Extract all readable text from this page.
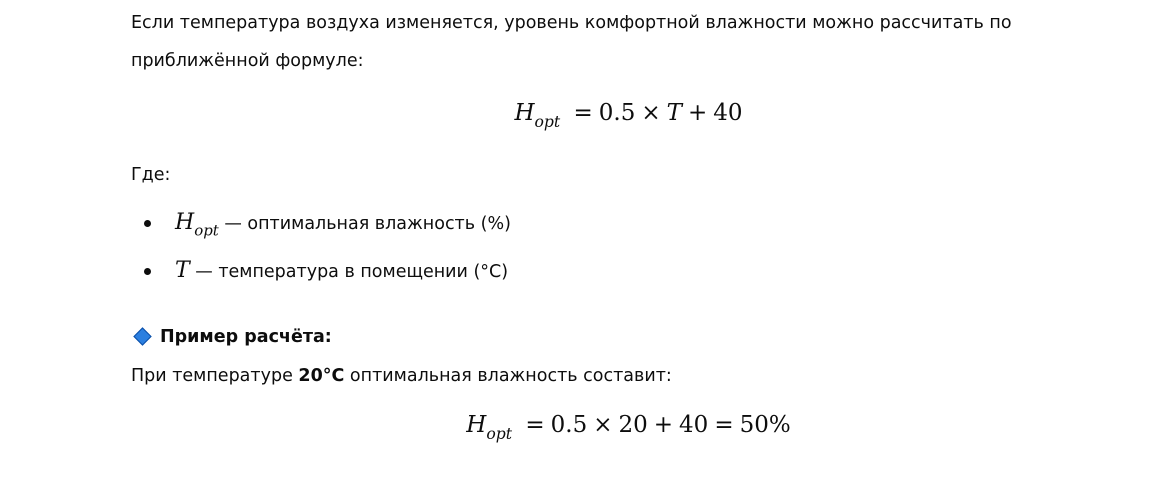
Если температура воздуха изменяется, уровень комфортной влажности можно рассчитать по

приближённой формуле:

$H_{opt} = 0.5 \times T + 40$

Где:

$H_{opt}$ — оптимальная влажность (%)
T — температура в помещении (°C)
Пример расчёта:

При температуре 20°C оптимальная влажность составит:

$H_{opt} = 0.5 \times 20 + 40 = 50\%$
